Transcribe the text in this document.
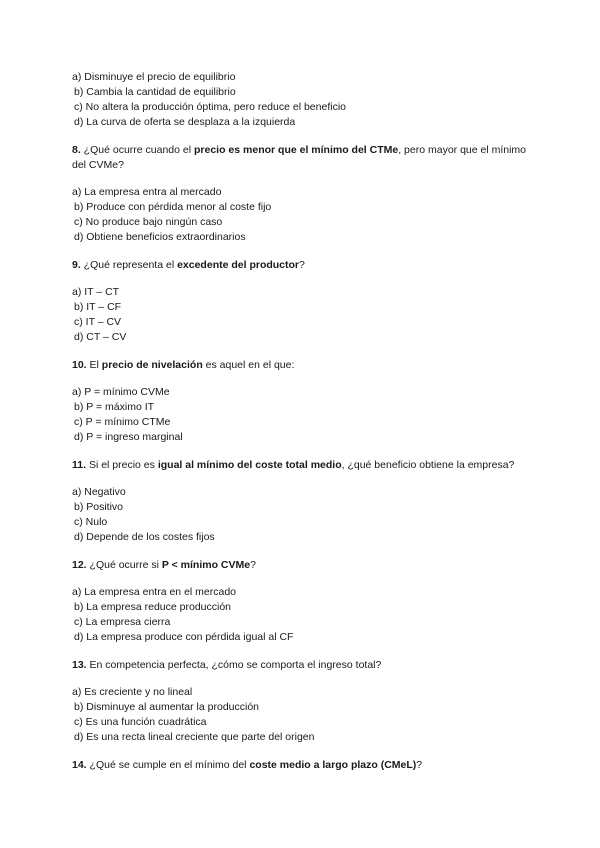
a) Disminuye el precio de equilibrio
b) Cambia la cantidad de equilibrio
c) No altera la producción óptima, pero reduce el beneficio
d) La curva de oferta se desplaza a la izquierda

8. ¿Qué ocurre cuando el precio es menor que el mínimo del CTMe, pero mayor que el mínimo del CVMe?

a) La empresa entra al mercado
b) Produce con pérdida menor al coste fijo
c) No produce bajo ningún caso
d) Obtiene beneficios extraordinarios

9. ¿Qué representa el excedente del productor?

a) IT – CT
b) IT – CF
c) IT – CV
d) CT – CV

10. El precio de nivelación es aquel en el que:

a) P = mínimo CVMe
b) P = máximo IT
c) P = mínimo CTMe
d) P = ingreso marginal

11. Si el precio es igual al mínimo del coste total medio, ¿qué beneficio obtiene la empresa?

a) Negativo
b) Positivo
c) Nulo
d) Depende de los costes fijos

12. ¿Qué ocurre si P < mínimo CVMe?

a) La empresa entra en el mercado
b) La empresa reduce producción
c) La empresa cierra
d) La empresa produce con pérdida igual al CF

13. En competencia perfecta, ¿cómo se comporta el ingreso total?

a) Es creciente y no lineal
b) Disminuye al aumentar la producción
c) Es una función cuadrática
d) Es una recta lineal creciente que parte del origen

14. ¿Qué se cumple en el mínimo del coste medio a largo plazo (CMeL)?
